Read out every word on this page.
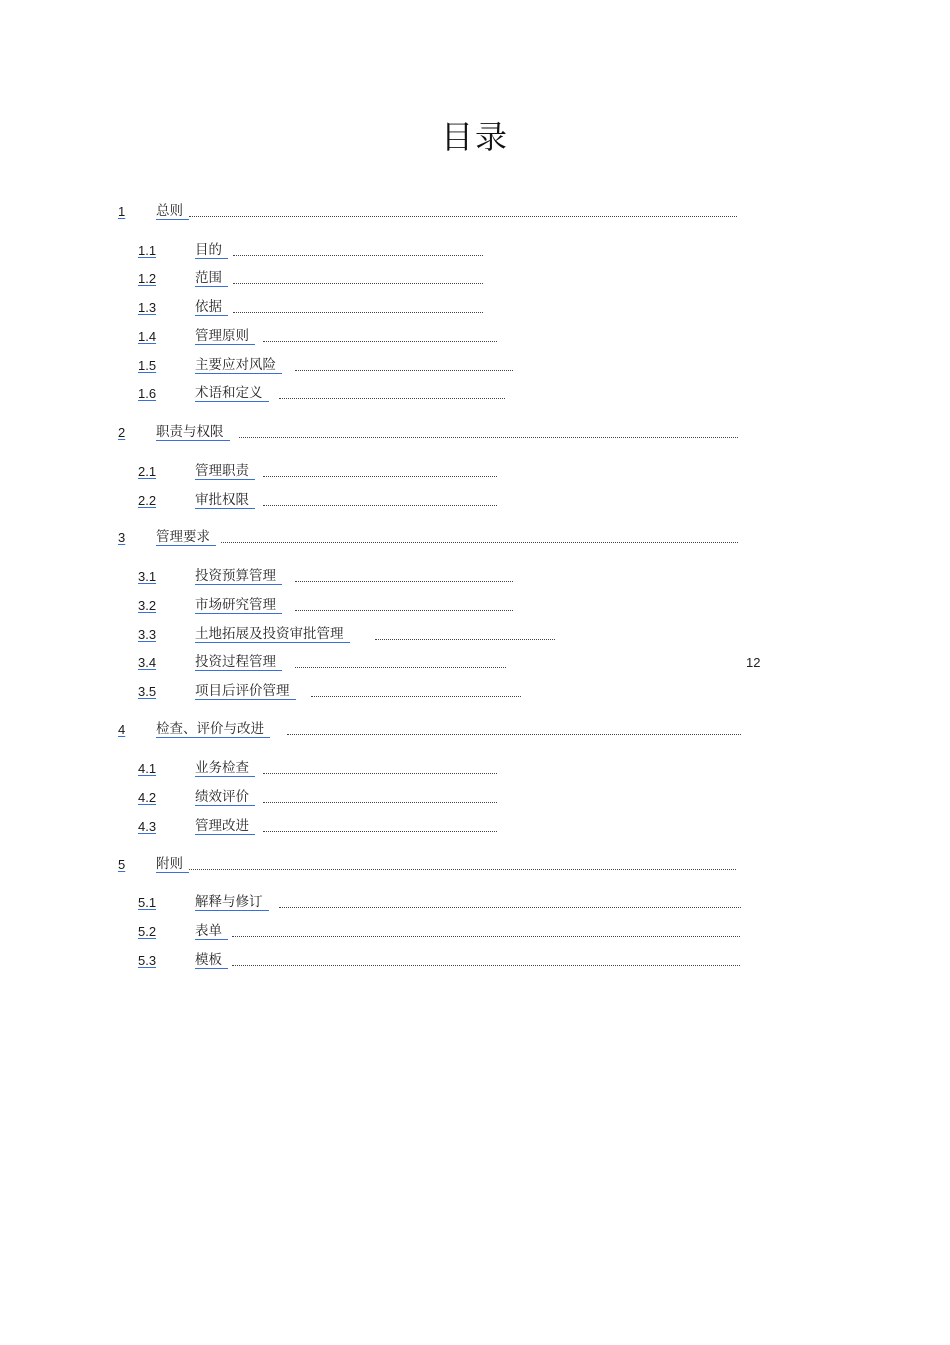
目录
1 总则
1.1	目的
1.2	范围
1.3	依据
1.4	管理原则
1.5	主要应对风险
1.6	术语和定义
2 职责与权限
2.1	管理职责
2.2	审批权限
3 管理要求
3.1	投资预算管理
3.2	市场研究管理
3.3	土地拓展及投资审批管理
3.4	投资过程管理	12
3.5	项目后评价管理
4 检查、评价与改进
4.1	业务检查
4.2	绩效评价
4.3	管理改进
5 附则
5.1	解释与修订
5.2	表单
5.3	模板
